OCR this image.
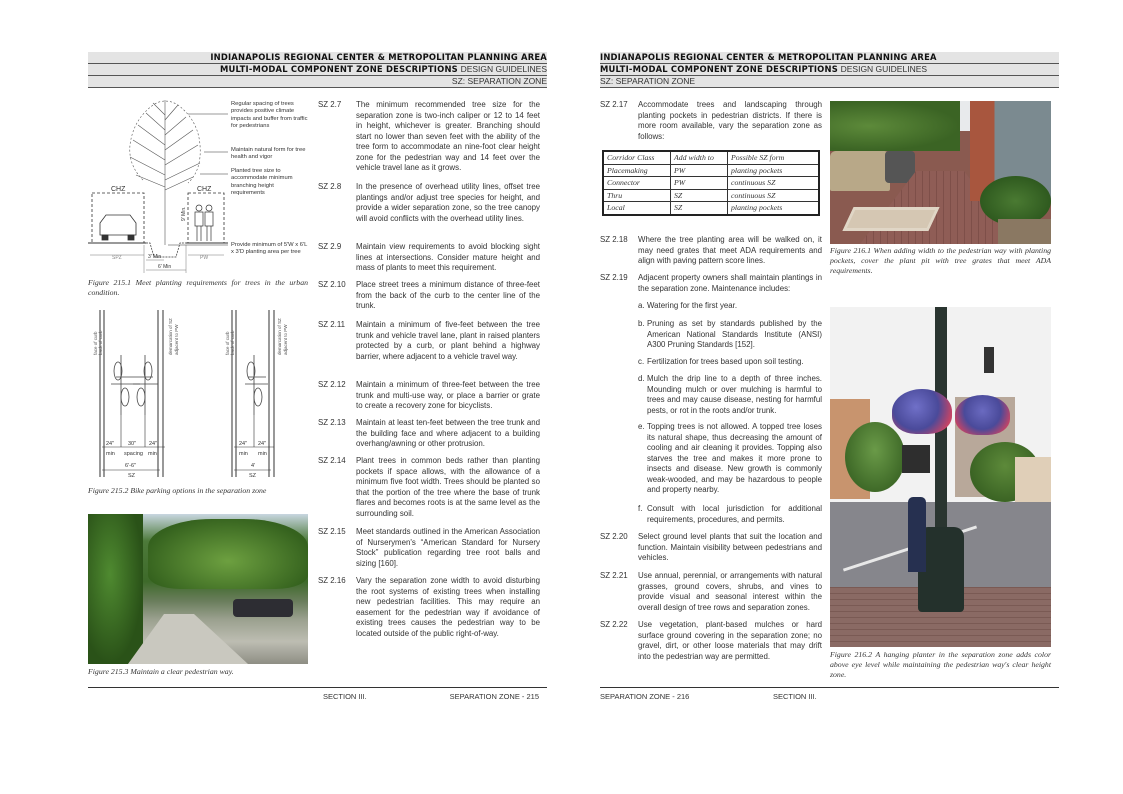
INDIANAPOLIS REGIONAL CENTER & METROPOLITAN PLANNING AREA
MULTI-MODAL COMPONENT ZONE DESCRIPTIONS DESIGN GUIDELINES
SZ: SEPARATION ZONE
CHZ	CHZ
SPZ	3' Min
6' Min
PW
9' Min.
Regular spacing of trees provides positive climate impacts and buffer from traffic for pedestrians
Maintain natural form for tree health and vigor
Planted tree size to accommodate minimum branching height requirements
Provide minimum of 5'W x 6'L x 3'D planting area per tree
Figure 215.1 Meet planting requirements for trees in the urban condition.
24"	30" 24"
min spacing min
6'-6"
SZ
24" 24"
min min
4'
SZ
face of curb back of curb	demarcation of SZ adjacent to PW	face of curb back of curb	demarcation of SZ adjacent to PW
Figure 215.2 Bike parking options in the separation zone
Figure 215.3 Maintain a clear pedestrian way.
SZ 2.7 The minimum recommended tree size for the separation zone is two-inch caliper or 12 to 14 feet in height, whichever is greater. Branching should start no lower than seven feet with the ability of the tree form to accommodate an nine-foot clear height zone for the pedestrian way and 14 feet over the vehicle travel lane as it grows.
SZ 2.8 In the presence of overhead utility lines, offset tree plantings and/or adjust tree species for height, and provide a wider separation zone, so the tree canopy will avoid conflicts with the overhead utility lines.
SZ 2.9 Maintain view requirements to avoid blocking sight lines at intersections. Consider mature height and mass of plants to meet this requirement.
SZ 2.10 Place street trees a minimum distance of three-feet from the back of the curb to the center line of the trunk.
SZ 2.11 Maintain a minimum of five-feet between the tree trunk and vehicle travel lane, plant in raised planters protected by a curb, or plant behind a highway barrier, where adjacent to a vehicle travel way.
SZ 2.12 Maintain a minimum of three-feet between the tree trunk and multi-use way, or place a barrier or grate to create a recovery zone for bicyclists.
SZ 2.13 Maintain at least ten-feet between the tree trunk and the building face and where adjacent to a building overhang/awning or other protrusion.
SZ 2.14 Plant trees in common beds rather than planting pockets if space allows, with the allowance of a minimum five foot width. Trees should be planted so that the portion of the tree where the base of trunk flares and becomes roots is at the same level as the surrounding soil.
SZ 2.15 Meet standards outlined in the American Association of Nurserymen's “American Standard for Nursery Stock” publication regarding tree root balls and sizing [160].
SZ 2.16 Vary the separation zone width to avoid disturbing the root systems of existing trees when installing new pedestrian facilities. This may require an easement for the pedestrian way if avoidance of existing trees causes the pedestrian way to be located outside of the public right-of-way.
SECTION III.	SEPARATION ZONE - 215
INDIANAPOLIS REGIONAL CENTER & METROPOLITAN PLANNING AREA
MULTI-MODAL COMPONENT ZONE DESCRIPTIONS DESIGN GUIDELINES
SZ: SEPARATION ZONE
SZ 2.17 Accommodate trees and landscaping through planting pockets in pedestrian districts. If there is more room available, vary the separation zone as follows:
Corridor Class	Add width to	Possible SZ form
Placemaking	PW	planting pockets
Connector	PW	continuous SZ
Thru	SZ	continuous SZ
Local	SZ	planting pockets
SZ 2.18 Where the tree planting area will be walked on, it may need grates that meet ADA requirements and align with paving pattern score lines.
SZ 2.19 Adjacent property owners shall maintain plantings in the separation zone. Maintenance includes:
a. Watering for the first year.
b. Pruning as set by standards published by the American National Standards Institute (ANSI) A300 Pruning Standards [152].
c. Fertilization for trees based upon soil testing.
d. Mulch the drip line to a depth of three inches. Mounding mulch or over mulching is harmful to trees and may cause disease, nesting for harmful pests, or rot in the roots and/or trunk.
e. Topping trees is not allowed. A topped tree loses its natural shape, thus decreasing the amount of cooling and air cleaning it provides. Topping also starves the tree and makes it more prone to insects and disease. New growth is commonly weak-wooded, and may be hazardous to people and property nearby.
f. Consult with local jurisdiction for additional requirements, procedures, and permits.
SZ 2.20 Select ground level plants that suit the location and function. Maintain visibility between pedestrians and vehicles.
SZ 2.21 Use annual, perennial, or arrangements with natural grasses, ground covers, shrubs, and vines to provide visual and seasonal interest within the overall design of tree rows and separation zones.
SZ 2.22 Use vegetation, plant-based mulches or hard surface ground covering in the separation zone; no gravel, dirt, or other loose materials that may drift into the pedestrian way are permitted.
Figure 216.1 When adding width to the pedestrian way with planting pockets, cover the plant pit with tree grates that meet ADA requirements.
Figure 216.2 A hanging planter in the separation zone adds color above eye level while maintaining the pedestrian way's clear height zone.
SEPARATION ZONE - 216	SECTION III.
